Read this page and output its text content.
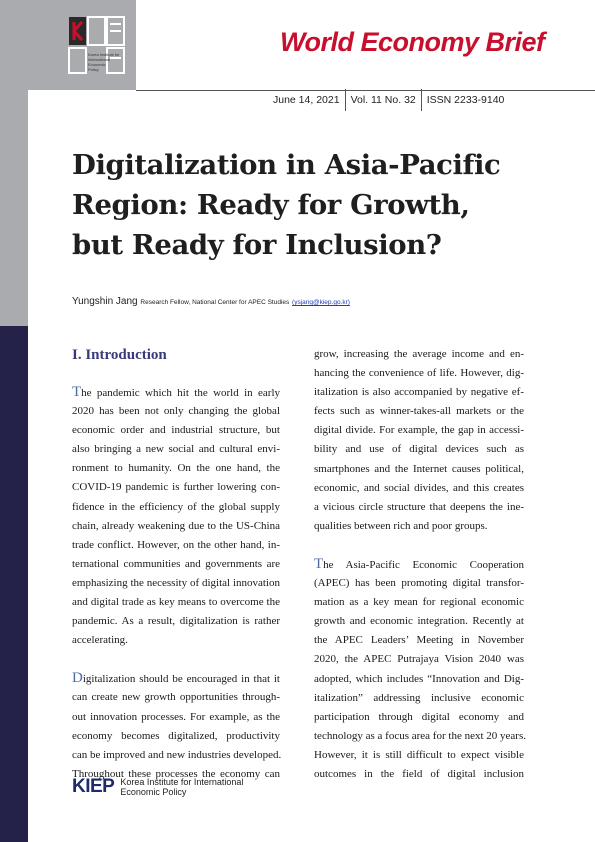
Korea Institute for
International
Economic
Policy
World Economy Brief
June 14, 2021	Vol. 11 No. 32	ISSN 2233-9140
Digitalization in Asia-Pacific
Region: Ready for Growth,
but Ready for Inclusion?
Yungshin Jang Research Fellow, National Center for APEC Studies (ysjang@kiep.go.kr)
I. Introduction
The pandemic which hit the world in early
2020 has been not only changing the global
economic order and industrial structure, but
also bringing a new social and cultural envi-
ronment to humanity. On the one hand, the
COVID-19 pandemic is further lowering con-
fidence in the efficiency of the global supply
chain, already weakening due to the US-China
trade conflict. However, on the other hand, in-
ternational communities and governments are
emphasizing the necessity of digital innovation
and digital trade as key means to overcome the
pandemic. As a result, digitalization is rather
accelerating.
Digitalization should be encouraged in that it
can create new growth opportunities through-
out innovation processes. For example, as the
economy becomes digitalized, productivity
can be improved and new industries developed.
Throughout these processes the economy can
grow, increasing the average income and en-
hancing the convenience of life. However, dig-
italization is also accompanied by negative ef-
fects such as winner-takes-all markets or the
digital divide. For example, the gap in accessi-
bility and use of digital devices such as
smartphones and the Internet causes political,
economic, and social divides, and this creates
a vicious circle structure that deepens the ine-
qualities between rich and poor groups.
The Asia-Pacific Economic Cooperation
(APEC) has been promoting digital transfor-
mation as a key mean for regional economic
growth and economic integration. Recently at
the APEC Leaders’ Meeting in November
2020, the APEC Putrajaya Vision 2040 was
adopted, which includes “Innovation and Dig-
italization” addressing inclusive economic
participation through digital economy and
technology as a focus area for the next 20 years.
However, it is still difficult to expect visible
outcomes in the field of digital inclusion
KIEP Korea Institute for International
Economic Policy
